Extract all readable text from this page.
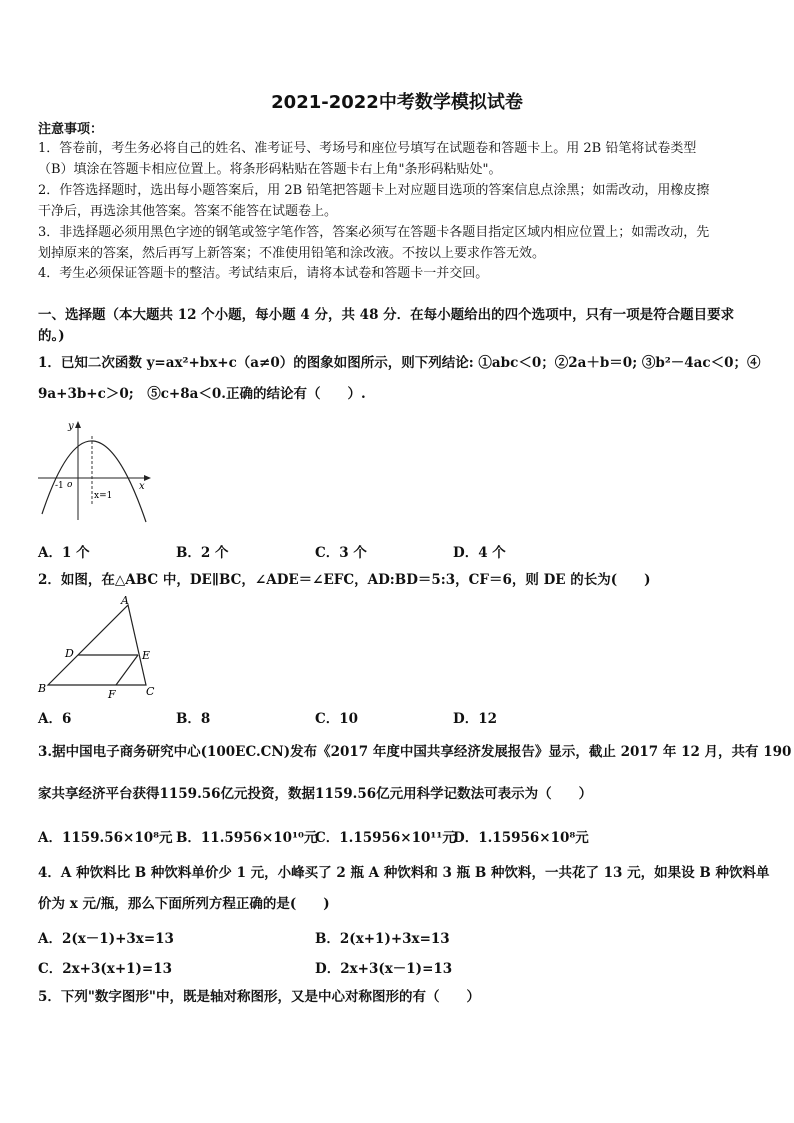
2021-2022中考数学模拟试卷
注意事项：
1．答卷前，考生务必将自己的姓名、准考证号、考场号和座位号填写在试题卷和答题卡上。用 2B 铅笔将试卷类型
（B）填涂在答题卡相应位置上。将条形码粘贴在答题卡右上角"条形码粘贴处"。
2．作答选择题时，选出每小题答案后，用 2B 铅笔把答题卡上对应题目选项的答案信息点涂黑；如需改动，用橡皮擦
干净后，再选涂其他答案。答案不能答在试题卷上。
3．非选择题必须用黑色字迹的钢笔或签字笔作答，答案必须写在答题卡各题目指定区域内相应位置上；如需改动，先
划掉原来的答案，然后再写上新答案；不准使用铅笔和涂改液。不按以上要求作答无效。
4．考生必须保证答题卡的整洁。考试结束后，请将本试卷和答题卡一并交回。
一、选择题（本大题共 12 个小题，每小题 4 分，共 48 分．在每小题给出的四个选项中，只有一项是符合题目要求
的。)
1．已知二次函数 y=ax²+bx+c（a≠0）的图象如图所示，则下列结论: ①abc＜0；②2a＋b＝0; ③b²－4ac＜0；④
9a+3b+c＞0;　⑤c+8a＜0.正确的结论有（　　）.
y
x
o
-1
x=1
A．1 个	B．2 个	C．3 个	D．4 个
2．如图，在△ABC 中，DE∥BC，∠ADE＝∠EFC，AD:BD＝5:3，CF＝6，则 DE 的长为(　　)
A
B	C
D	E
F
A．6	B．8	C．10	D．12
3.据中国电子商务研究中心(100EC.CN)发布《2017 年度中国共享经济发展报告》显示，截止 2017 年 12 月，共有 190
家共享经济平台获得1159.56亿元投资，数据1159.56亿元用科学记数法可表示为（　　）
A．1159.56×10⁸元 B．11.5956×10¹⁰元
C．1.15956×10¹¹元
D．1.15956×10⁸元
4．A 种饮料比 B 种饮料单价少 1 元，小峰买了 2 瓶 A 种饮料和 3 瓶 B 种饮料，一共花了 13 元，如果设 B 种饮料单
价为 x 元/瓶，那么下面所列方程正确的是(　　)
A．2(x－1)+3x=13	B．2(x+1)+3x=13
C．2x+3(x+1)=13	D．2x+3(x－1)=13
5．下列"数字图形"中，既是轴对称图形，又是中心对称图形的有（　　）
